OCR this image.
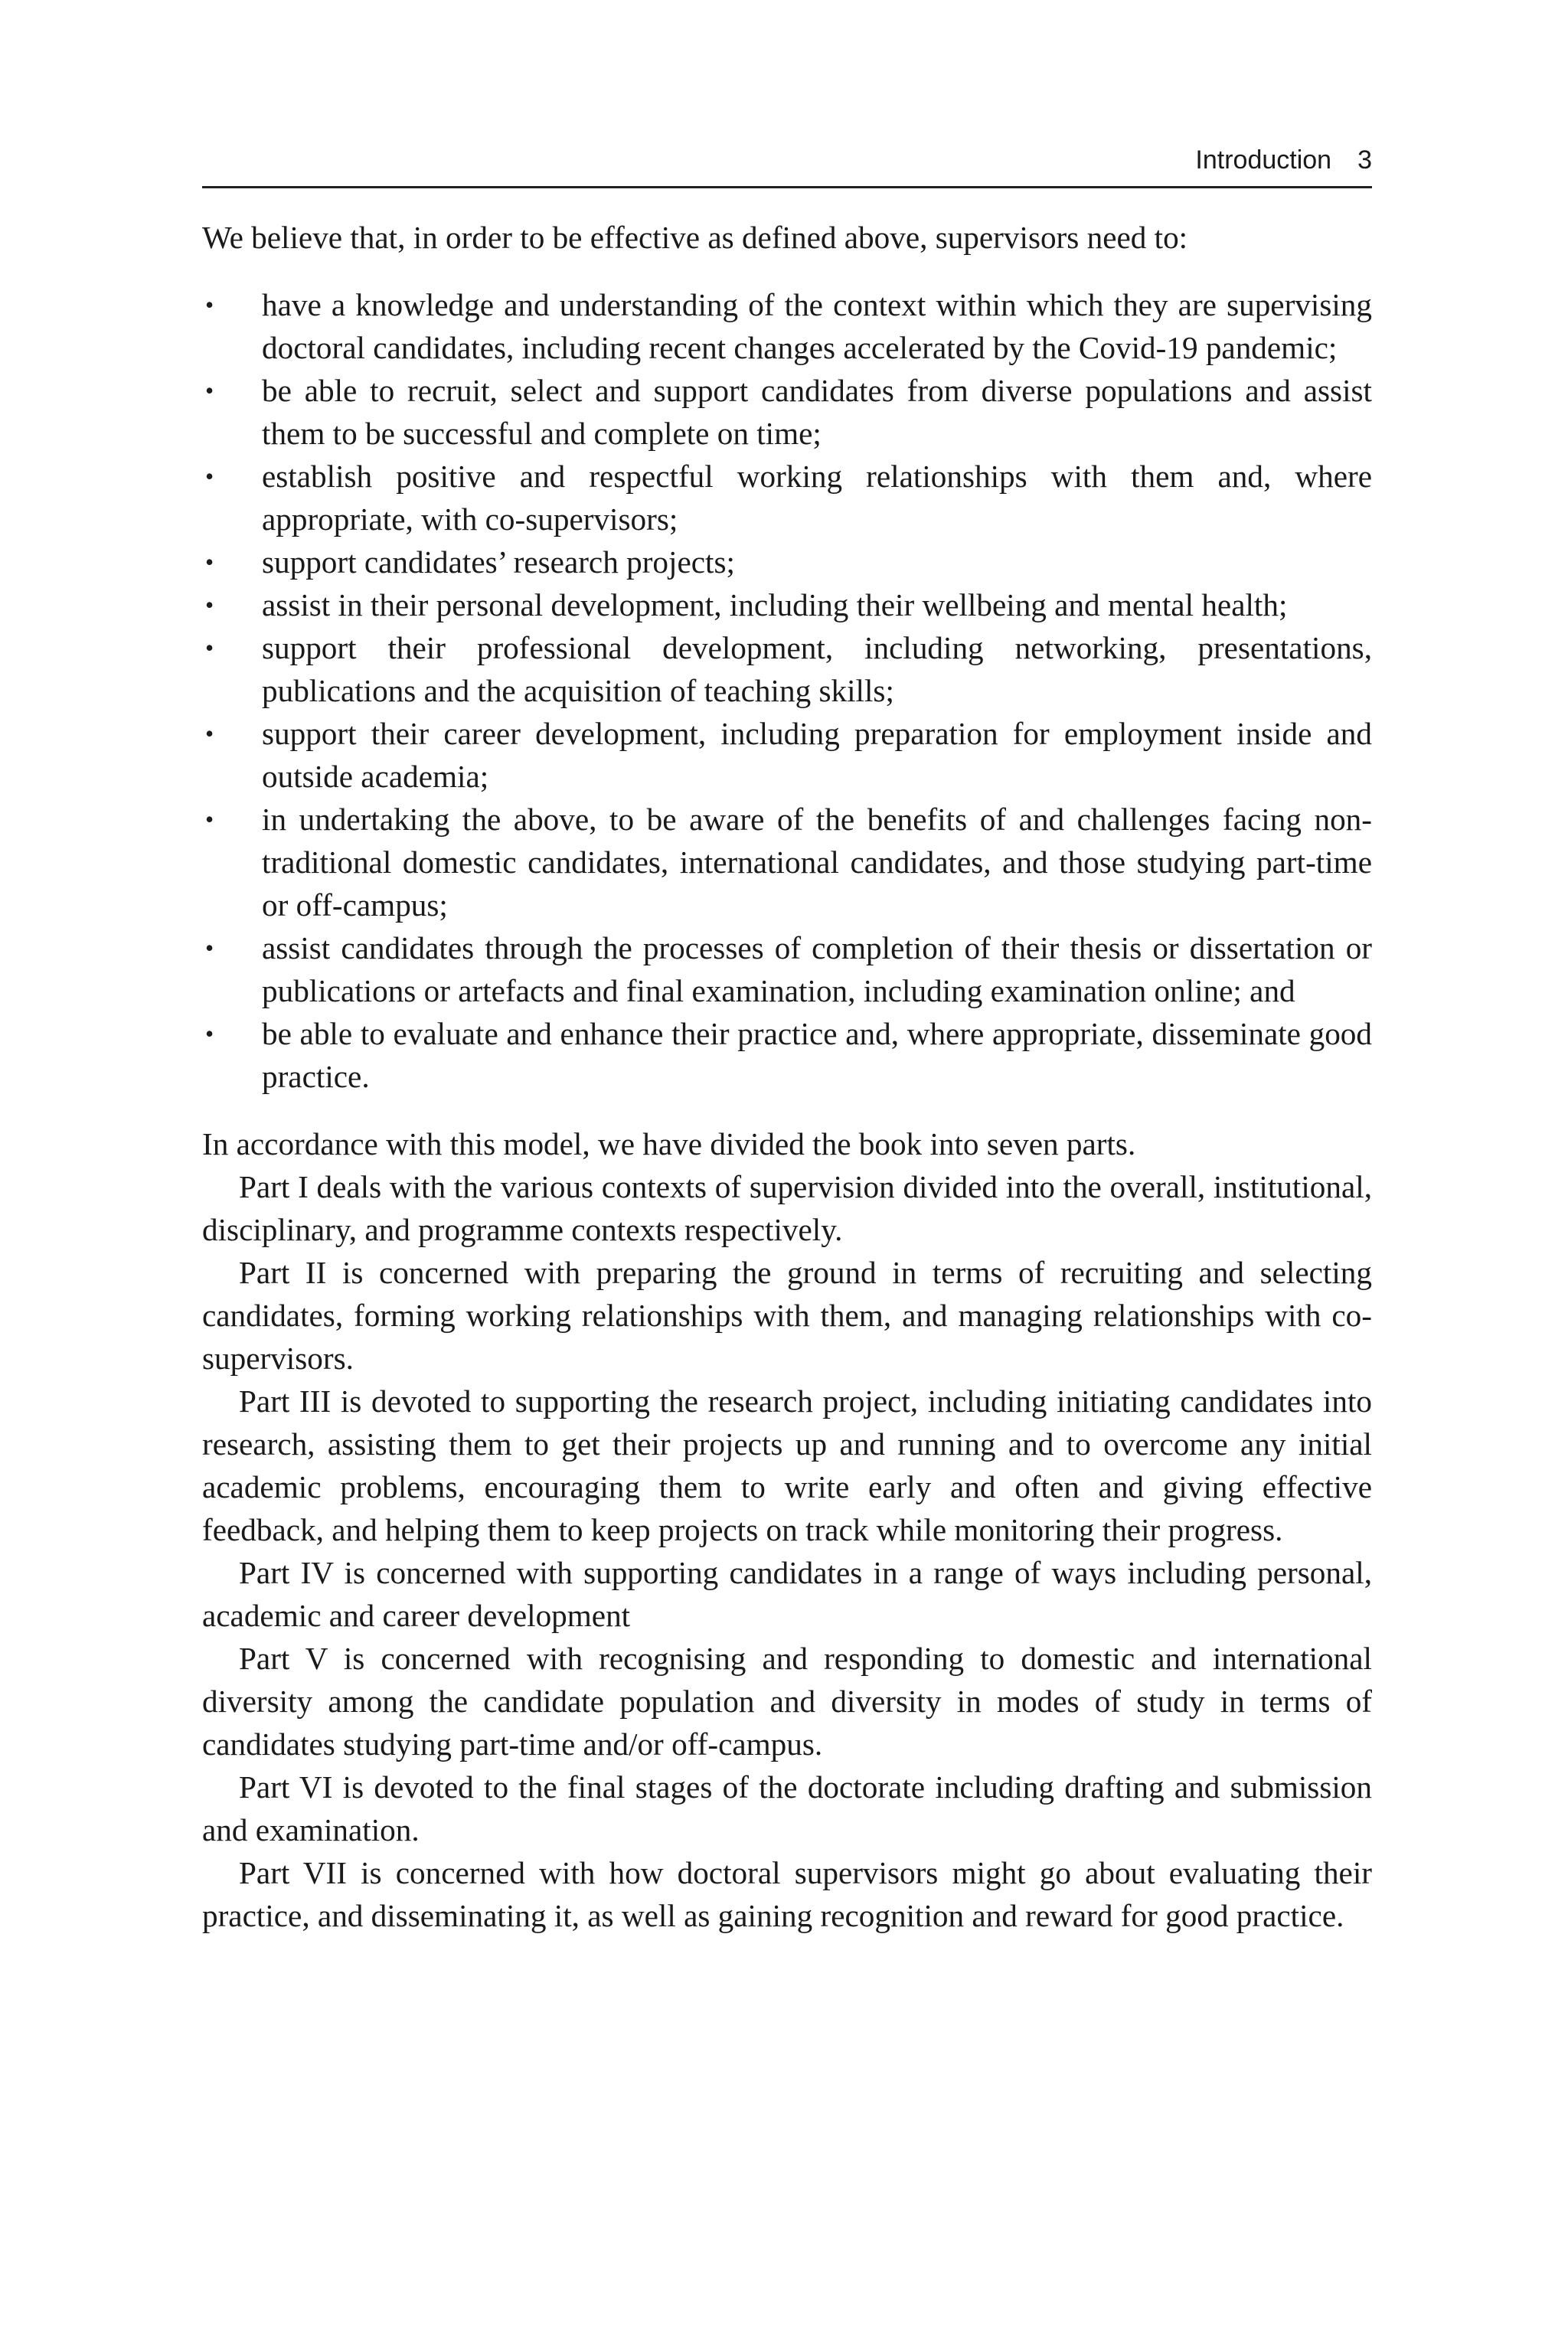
Introduction 3

We believe that, in order to be effective as defined above, supervisors need to:

• have a knowledge and understanding of the context within which they are supervising doctoral candidates, including recent changes accelerated by the Covid-19 pandemic;
• be able to recruit, select and support candidates from diverse populations and assist them to be successful and complete on time;
• establish positive and respectful working relationships with them and, where appropriate, with co-supervisors;
• support candidates’ research projects;
• assist in their personal development, including their wellbeing and mental health;
• support their professional development, including networking, presentations, publications and the acquisition of teaching skills;
• support their career development, including preparation for employment inside and outside academia;
• in undertaking the above, to be aware of the benefits of and challenges facing non-traditional domestic candidates, international candidates, and those studying part-time or off-campus;
• assist candidates through the processes of completion of their thesis or dissertation or publications or artefacts and final examination, including examination online; and
• be able to evaluate and enhance their practice and, where appropriate, disseminate good practice.

In accordance with this model, we have divided the book into seven parts.

Part I deals with the various contexts of supervision divided into the overall, institutional, disciplinary, and programme contexts respectively.

Part II is concerned with preparing the ground in terms of recruiting and selecting candidates, forming working relationships with them, and managing relationships with co-supervisors.

Part III is devoted to supporting the research project, including initiating candidates into research, assisting them to get their projects up and running and to overcome any initial academic problems, encouraging them to write early and often and giving effective feedback, and helping them to keep projects on track while monitoring their progress.

Part IV is concerned with supporting candidates in a range of ways including personal, academic and career development

Part V is concerned with recognising and responding to domestic and international diversity among the candidate population and diversity in modes of study in terms of candidates studying part-time and/or off-campus.

Part VI is devoted to the final stages of the doctorate including drafting and submission and examination.

Part VII is concerned with how doctoral supervisors might go about evaluating their practice, and disseminating it, as well as gaining recognition and reward for good practice.
